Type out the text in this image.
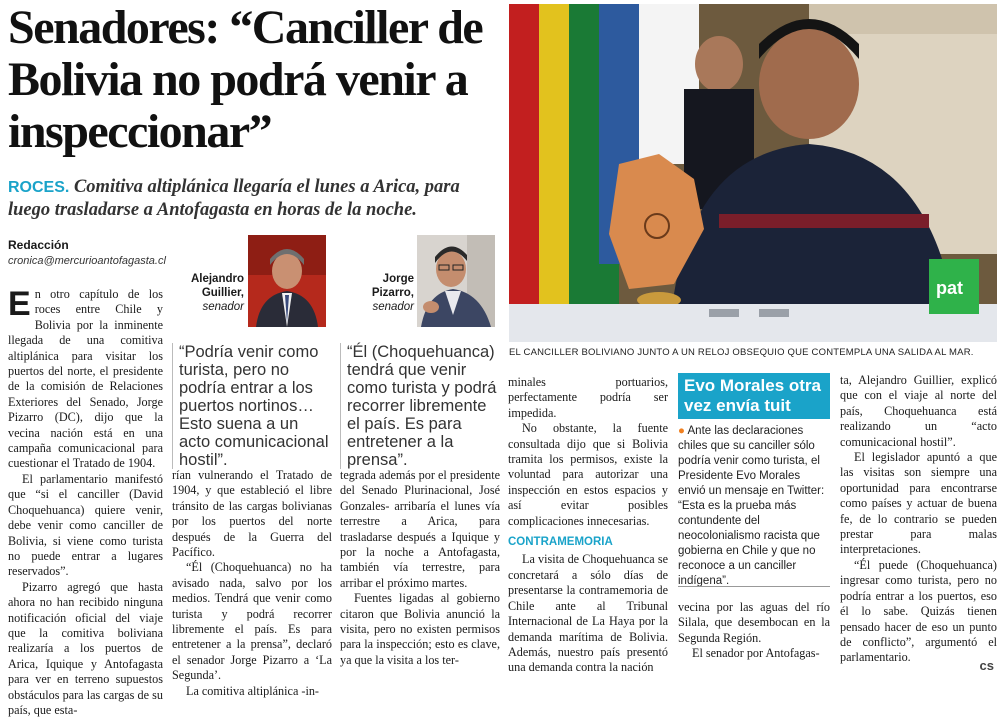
Senadores: “Canciller de Bolivia no podrá venir a inspeccionar”
ROCES. Comitiva altiplánica llegaría el lunes a Arica, para luego trasladarse a Antofagasta en horas de la noche.
Redacción
cronica@mercurioantofagasta.cl
Alejandro Guillier,
senador
Jorge Pizarro,
senador
“Podría venir como turista, pero no podría entrar a los puertos nortinos… Esto suena a un acto comunicacional hostil”.
“Él (Choquehuanca) tendrá que venir como turista y podrá recorrer libremente el país. Es para entretener a la prensa”.

En otro capítulo de los roces entre Chile y Bolivia por la inminente llegada de una comitiva altiplánica para visitar los puertos del norte, el presidente de la comisión de Relaciones Exteriores del Senado, Jorge Pizarro (DC), dijo que la vecina nación está en una campaña comunicacional para cuestionar el Tratado de 1904.

El parlamentario manifestó que “si el canciller (David Choquehuanca) quiere venir, debe venir como canciller de Bolivia, si viene como turista no puede entrar a lugares reservados”.

Pizarro agregó que hasta ahora no han recibido ninguna notificación oficial del viaje que la comitiva boliviana realizaría a los puertos de Arica, Iquique y Antofagasta para ver en terreno supuestos obstáculos para las cargas de su país, que esta-

rían vulnerando el Tratado de 1904, y que estableció el libre tránsito de las cargas bolivianas por los puertos del norte después de la Guerra del Pacífico.

“Él (Choquehuanca) no ha avisado nada, salvo por los medios. Tendrá que venir como turista y podrá recorrer libremente el país. Es para entretener a la prensa”, declaró el senador Jorge Pizarro a ‘La Segunda’.

La comitiva altiplánica -in-

tegrada además por el presidente del Senado Plurinacional, José Gonzales- arribaría el lunes vía terrestre a Arica, para trasladarse después a Iquique y por la noche a Antofagasta, también vía terrestre, para arribar el próximo martes.

Fuentes ligadas al gobierno citaron que Bolivia anunció la visita, pero no existen permisos para la inspección; esto es clave, ya que la visita a los ter-

pat
EL CANCILLER BOLIVIANO JUNTO A UN RELOJ OBSEQUIO QUE CONTEMPLA UNA SALIDA AL MAR.

minales portuarios, perfectamente podría ser impedida.

No obstante, la fuente consultada dijo que si Bolivia tramita los permisos, existe la voluntad para autorizar una inspección en estos espacios y así evitar posibles complicaciones innecesarias.

CONTRAMEMORIA

La visita de Choquehuanca se concretará a sólo días de presentarse la contramemoria de Chile ante al Tribunal Internacional de La Haya por la demanda marítima de Bolivia. Además, nuestro país presentó una demanda contra la nación

Evo Morales otra vez envía tuit
● Ante las declaraciones chiles que su canciller sólo podría venir como turista, el Presidente Evo Morales envió un mensaje en Twitter: “Esta es la prueba más contundente del neocolonialismo racista que gobierna en Chile y que no reconoce a un canciller indígena”.

vecina por las aguas del río Silala, que desembocan en la Segunda Región.

El senador por Antofagas-

ta, Alejandro Guillier, explicó que con el viaje al norte del país, Choquehuanca está realizando un “acto comunicacional hostil”.

El legislador apuntó a que las visitas son siempre una oportunidad para encontrarse como países y actuar de buena fe, de lo contrario se pueden prestar para malas interpretaciones.

“Él puede (Choquehuanca) ingresar como turista, pero no podría entrar a los puertos, eso él lo sabe. Quizás tienen pensado hacer de eso un punto de conflicto”, argumentó el parlamentario.

cs
